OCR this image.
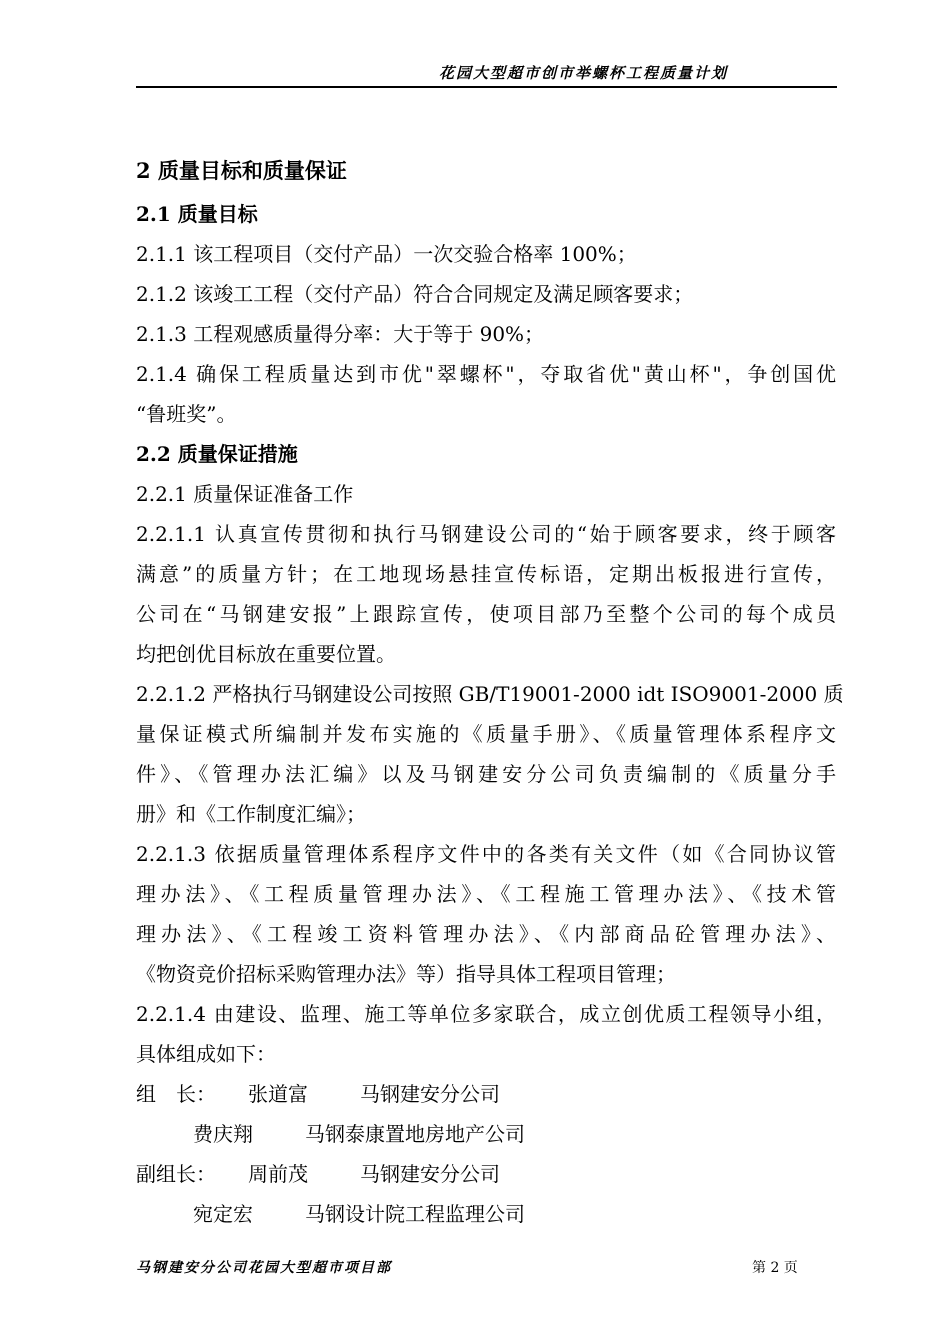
花园大型超市创市举螺杯工程质量计划
2 质量目标和质量保证
2.1 质量目标
2.1.1 该工程项目（交付产品）一次交验合格率 100%；
2.1.2 该竣工工程（交付产品）符合合同规定及满足顾客要求；
2.1.3 工程观感质量得分率：大于等于 90%；
2.1.4 确保工程质量达到市优"翠螺杯"，夺取省优"黄山杯"，争创国优
“鲁班奖”。
2.2 质量保证措施
2.2.1 质量保证准备工作
2.2.1.1 认真宣传贯彻和执行马钢建设公司的“始于顾客要求，终于顾客
满意”的质量方针；在工地现场悬挂宣传标语，定期出板报进行宣传，
公司在“马钢建安报”上跟踪宣传，使项目部乃至整个公司的每个成员
均把创优目标放在重要位置。
2.2.1.2 严格执行马钢建设公司按照 GB/T19001-2000 idt ISO9001-2000 质
量保证模式所编制并发布实施的《质量手册》、《质量管理体系程序文
件》、《管理办法汇编》以及马钢建安分公司负责编制的《质量分手
册》和《工作制度汇编》；
2.2.1.3 依据质量管理体系程序文件中的各类有关文件（如《合同协议管
理办法》、《工程质量管理办法》、《工程施工管理办法》、《技术管
理办法》、《工程竣工资料管理办法》、《内部商品砼管理办法》、
《物资竞价招标采购管理办法》等）指导具体工程项目管理；
2.2.1.4 由建设、监理、施工等单位多家联合，成立创优质工程领导小组，
具体组成如下：
组　长： 张道富	马钢建安分公司
费庆翔	马钢泰康置地房地产公司
副组长： 周前茂	马钢建安分公司
宛定宏	马钢设计院工程监理公司
马钢建安分公司花园大型超市项目部	第 2 页
